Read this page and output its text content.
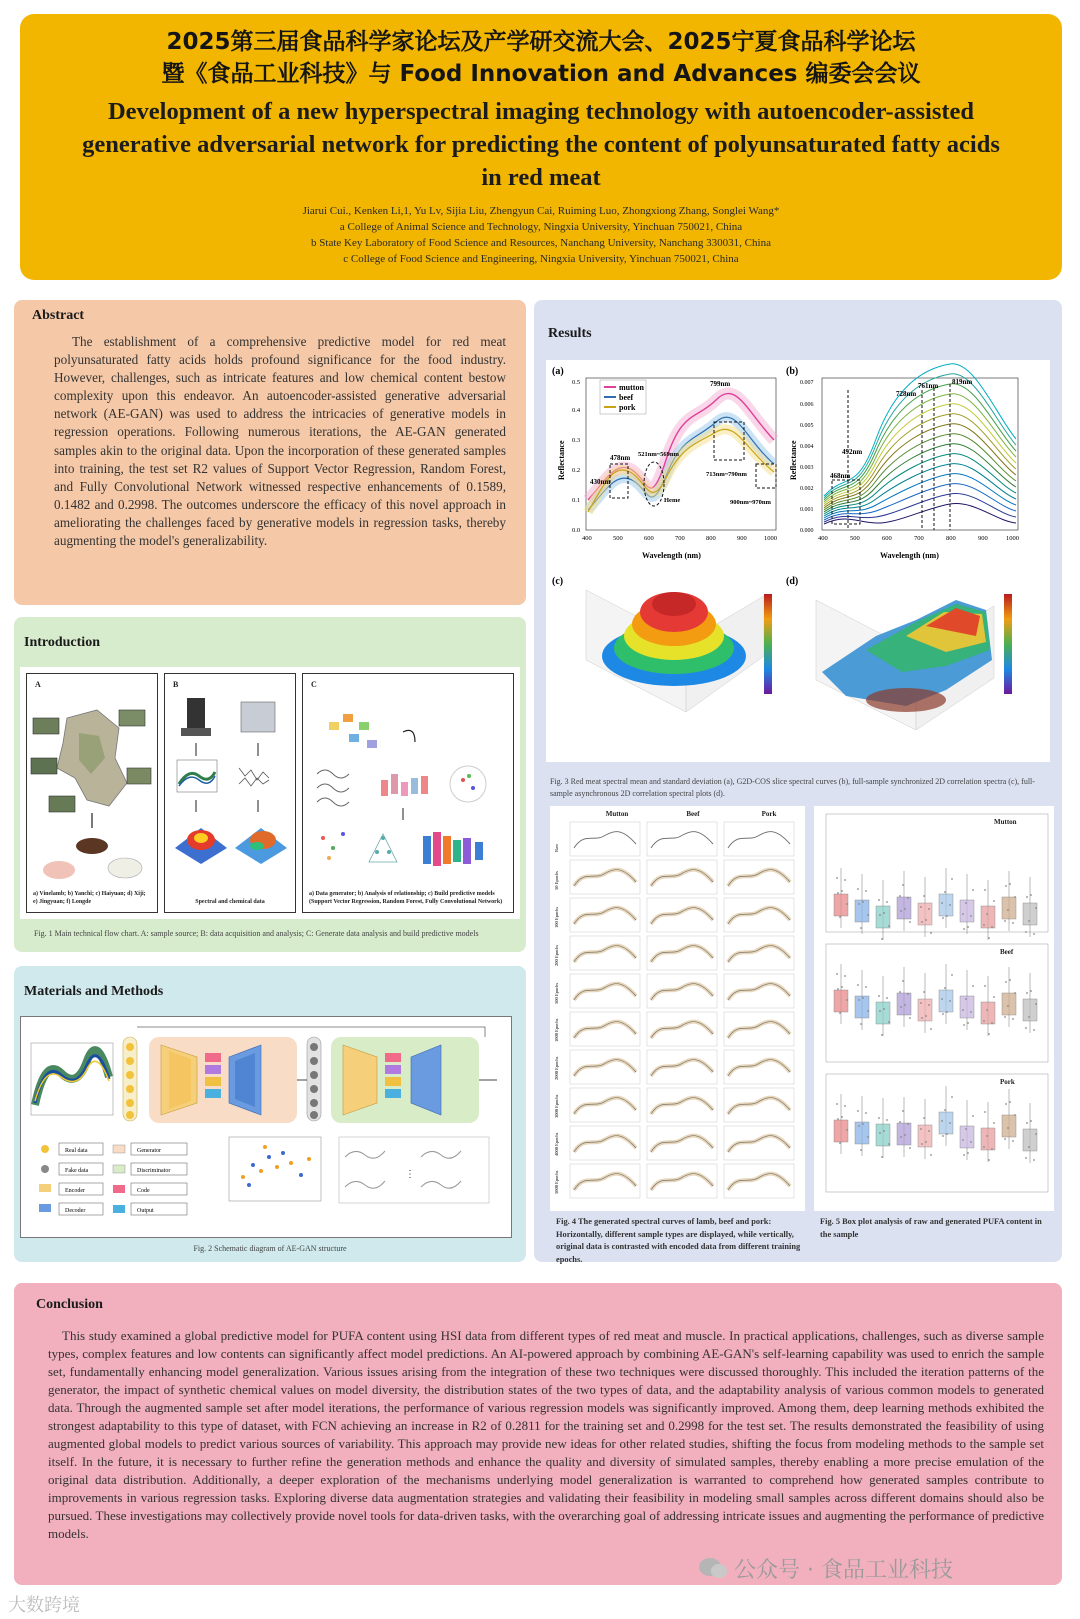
2025第三届食品科学家论坛及产学研交流大会、2025宁夏食品科学论坛
暨《食品工业科技》与 Food Innovation and Advances 编委会会议
Development of a new hyperspectral imaging technology with autoencoder-assisted generative adversarial network for predicting the content of polyunsaturated fatty acids in red meat
Jiarui Cui., Kenken Li,1, Yu Lv, Sijia Liu, Zhengyun Cai, Ruiming Luo, Zhongxiong Zhang, Songlei Wang*
a College of Animal Science and Technology, Ningxia University, Yinchuan 750021, China
b State Key Laboratory of Food Science and Resources, Nanchang University, Nanchang 330031, China
c College of Food Science and Engineering, Ningxia University, Yinchuan 750021, China
Abstract
The establishment of a comprehensive predictive model for red meat polyunsaturated fatty acids holds profound significance for the food industry. However, challenges, such as intricate features and low chemical content bestow complexity upon this endeavor. An autoencoder-assisted generative adversarial network (AE-GAN) was used to address the intricacies of generative models in regression operations. Following numerous iterations, the AE-GAN generated samples akin to the original data. Upon the incorporation of these generated samples into training, the test set R2 values of Support Vector Regression, Random Forest, and Fully Convolutional Network witnessed respective enhancements of 0.1589, 0.1482 and 0.2998. The outcomes underscore the efficacy of this novel approach in ameliorating the challenges faced by generative models in regression tasks, thereby augmenting the model's generalizability.
Introduction
A
a) Vinelamb; b) Yanchi; c) Haiyuan; d) Xiji; e) Jingyuan; f) Longde
B
Spectral and chemical data
C
a) Data generator; b) Analysis of relationship; c) Build predictive models (Support Vector Regression, Random Forest, Fully Convolutional Network)
Fig. 1 Main technical flow chart. A: sample source; B: data acquisition and analysis; C: Generate data analysis and build predictive models
Materials and Methods
⋮
Real data	Generator
Fake data	Discriminator
Encoder	Code
Decoder	Output
Fig. 2 Schematic diagram of AE-GAN structure
Results
(a)
mutton
beef
pork
430nm
478nm 521nm~569nm
799nm
713nm~790nm
900nm~970nm
Heme
Wavelength (nm)
Reflectance
400	500	600	700	800	900	1000
0.0
0.1
0.2
0.3
0.4
0.5
(b)
468nm
492nm
728nm
761nm 819nm
Wavelength (nm)
Reflectance
400	500	600	700	800	900	1000
0.000
0.001
0.002
0.003
0.004
0.005
0.006
0.007
(c)	(d)
Fig. 3 Red meat spectral mean and standard deviation (a), G2D-COS slice spectral curves (b), full-sample synchronized 2D correlation spectra (c), full-sample asynchronous 2D correlation spectral plots (d).
Mutton	Beef	Pork
Raw
50 Epochs
100 Epochs
200 Epochs
500 Epochs
1000 Epochs
2000 Epochs
3000 Epochs
4000 Epochs
5000 Epochs
Fig. 4 The generated spectral curves of lamb, beef and pork: Horizontally, different sample types are displayed, while vertically, original data is contrasted with encoded data from different training epochs.
Mutton
Beef
Pork
Fig. 5 Box plot analysis of raw and generated PUFA content in the sample
Conclusion
This study examined a global predictive model for PUFA content using HSI data from different types of red meat and muscle. In practical applications, challenges, such as diverse sample types, complex features and low contents can significantly affect model predictions. An AI-powered approach by combining AE-GAN's self-learning capability was used to enrich the sample set, fundamentally enhancing model generalization. Various issues arising from the integration of these two techniques were discussed thoroughly. This included the iteration patterns of the generator, the impact of synthetic chemical values on model diversity, the distribution states of the two types of data, and the adaptability analysis of various common models to generated data. Through the augmented sample set after model iterations, the performance of various regression models was significantly improved. Among them, deep learning methods exhibited the strongest adaptability to this type of dataset, with FCN achieving an increase in R2 of 0.2811 for the training set and 0.2998 for the test set. The results demonstrated the feasibility of using augmented global models to predict various sources of variability. This approach may provide new ideas for other related studies, shifting the focus from modeling methods to the sample set itself. In the future, it is necessary to further refine the generation methods and enhance the quality and diversity of simulated samples, thereby enabling a more precise emulation of the original data distribution. Additionally, a deeper exploration of the mechanisms underlying model generalization is warranted to comprehend how generated samples contribute to improvements in various regression tasks. Exploring diverse data augmentation strategies and validating their feasibility in modeling small samples across different domains should also be pursued. These investigations may collectively provide novel tools for data-driven tasks, with the overarching goal of addressing intricate issues and augmenting the performance of predictive models.
大数跨境
公众号 · 食品工业科技
